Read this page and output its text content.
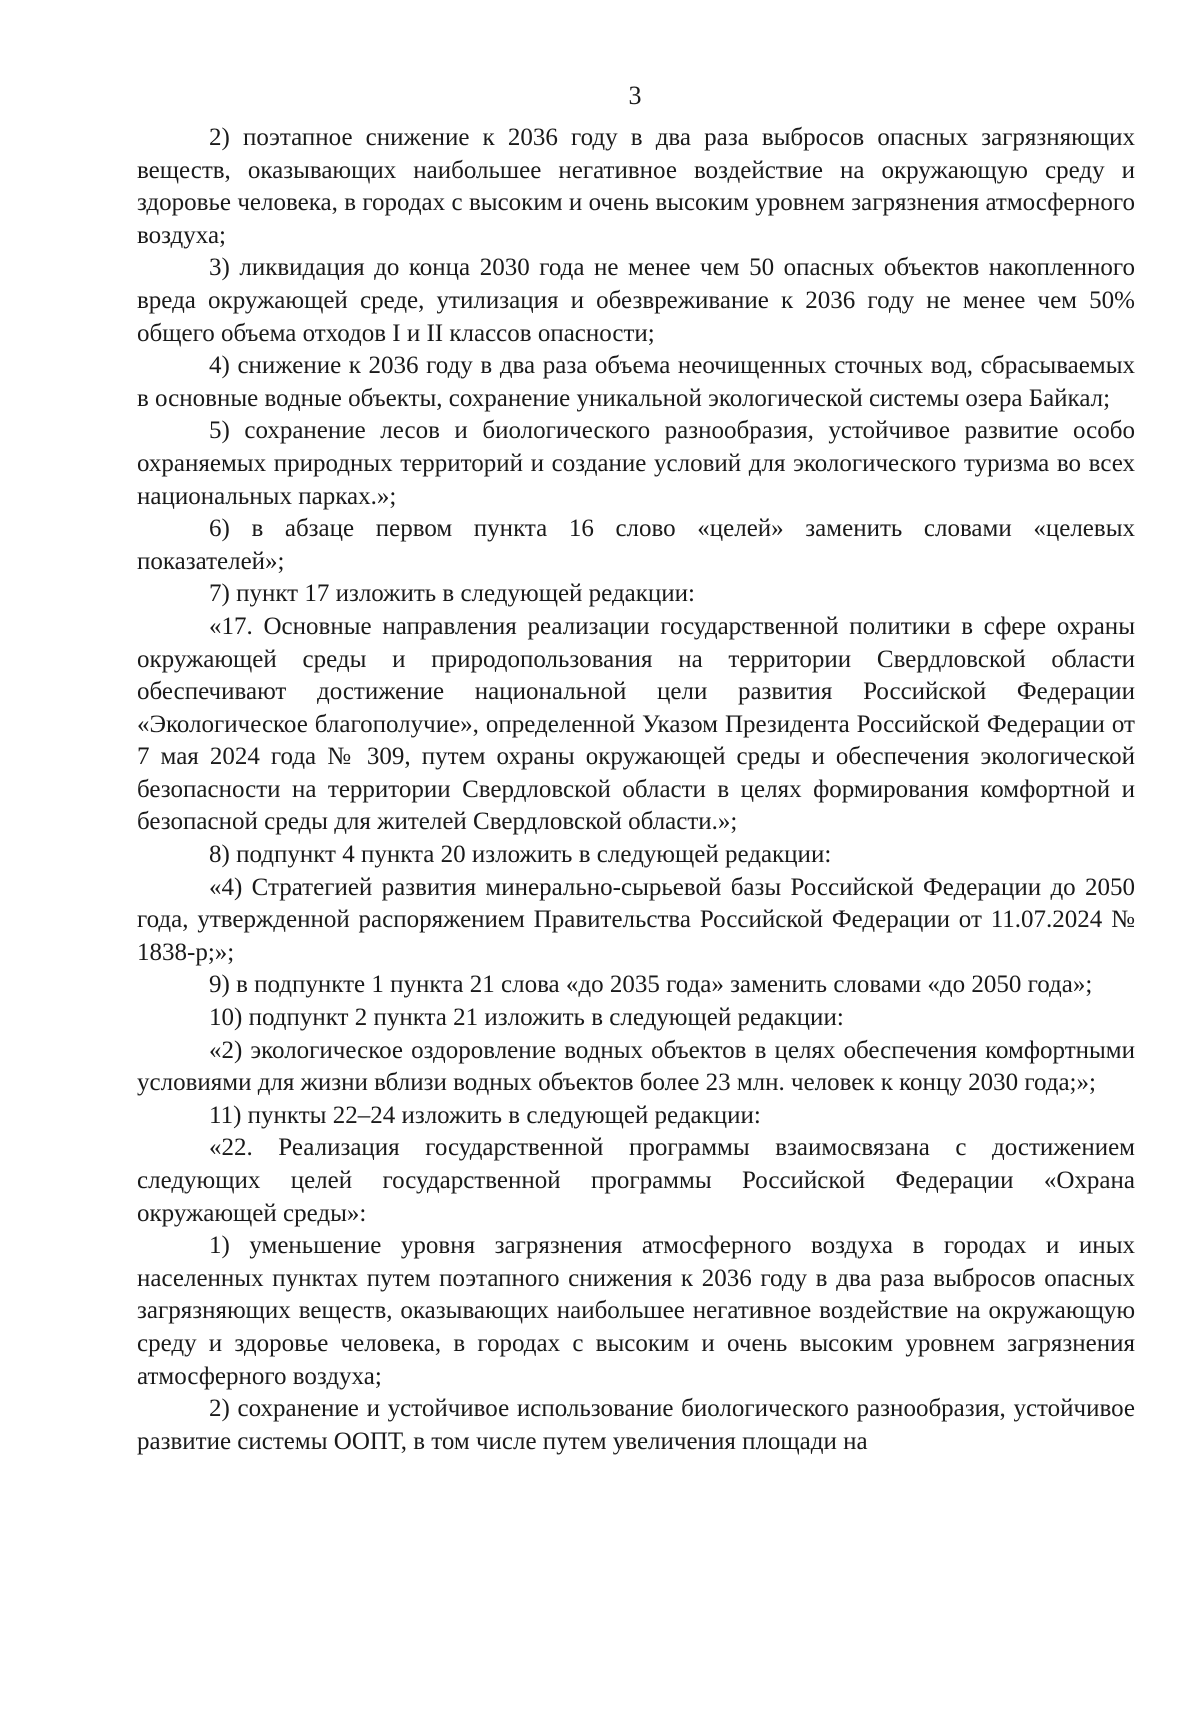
3

2) поэтапное снижение к 2036 году в два раза выбросов опасных загрязняющих веществ, оказывающих наибольшее негативное воздействие на окружающую среду и здоровье человека, в городах с высоким и очень высоким уровнем загрязнения атмосферного воздуха;

3) ликвидация до конца 2030 года не менее чем 50 опасных объектов накопленного вреда окружающей среде, утилизация и обезвреживание к 2036 году не менее чем 50% общего объема отходов I и II классов опасности;

4) снижение к 2036 году в два раза объема неочищенных сточных вод, сбрасываемых в основные водные объекты, сохранение уникальной экологической системы озера Байкал;

5) сохранение лесов и биологического разнообразия, устойчивое развитие особо охраняемых природных территорий и создание условий для экологического туризма во всех национальных парках.»;

6) в абзаце первом пункта 16 слово «целей» заменить словами «целевых показателей»;

7) пункт 17 изложить в следующей редакции:

«17. Основные направления реализации государственной политики в сфере охраны окружающей среды и природопользования на территории Свердловской области обеспечивают достижение национальной цели развития Российской Федерации «Экологическое благополучие», определенной Указом Президента Российской Федерации от 7 мая 2024 года № 309, путем охраны окружающей среды и обеспечения экологической безопасности на территории Свердловской области в целях формирования комфортной и безопасной среды для жителей Свердловской области.»;

8) подпункт 4 пункта 20 изложить в следующей редакции:

«4) Стратегией развития минерально-сырьевой базы Российской Федерации до 2050 года, утвержденной распоряжением Правительства Российской Федерации от 11.07.2024 № 1838-р;»;

9) в подпункте 1 пункта 21 слова «до 2035 года» заменить словами «до 2050 года»;

10) подпункт 2 пункта 21 изложить в следующей редакции:

«2) экологическое оздоровление водных объектов в целях обеспечения комфортными условиями для жизни вблизи водных объектов более 23 млн. человек к концу 2030 года;»;

11) пункты 22–24 изложить в следующей редакции:

«22. Реализация государственной программы взаимосвязана с достижением следующих целей государственной программы Российской Федерации «Охрана окружающей среды»:

1) уменьшение уровня загрязнения атмосферного воздуха в городах и иных населенных пунктах путем поэтапного снижения к 2036 году в два раза выбросов опасных загрязняющих веществ, оказывающих наибольшее негативное воздействие на окружающую среду и здоровье человека, в городах с высоким и очень высоким уровнем загрязнения атмосферного воздуха;

2) сохранение и устойчивое использование биологического разнообразия, устойчивое развитие системы ООПТ, в том числе путем увеличения площади на
